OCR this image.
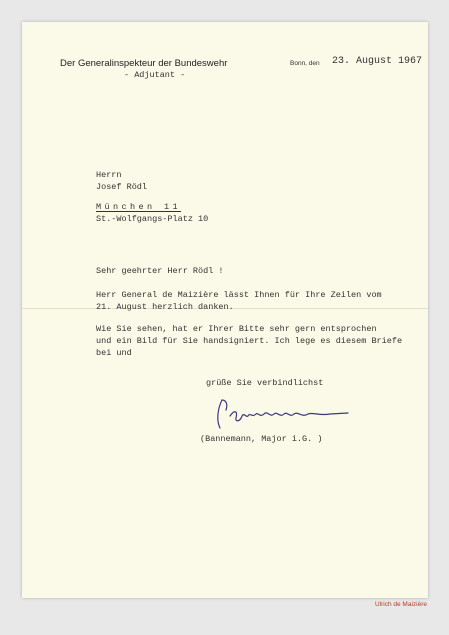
Der Generalinspekteur der Bundeswehr
- Adjutant -
Bonn, den 23. August 1967
Herrn
Josef Rödl
München 11
St.-Wolfgangs-Platz 10
Sehr geehrter Herr Rödl !
Herr General de Maizière lässt Ihnen für Ihre Zeilen vom
21. August herzlich danken.
Wie Sie sehen, hat er Ihrer Bitte sehr gern entsprochen
und ein Bild für Sie handsigniert. Ich lege es diesem Briefe
bei und
grüße Sie verbindlichst
(Bannemann, Major i.G. )
Ulrich de Maizière
